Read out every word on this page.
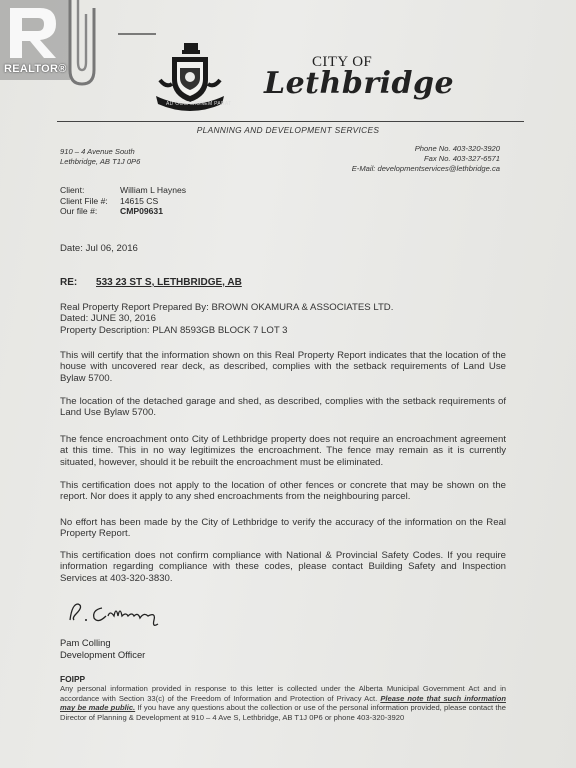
REALTOR®
AD OCCASIONEM PARAT
CITY OF
Lethbridge
PLANNING AND DEVELOPMENT SERVICES
910 – 4 Avenue South
Lethbridge, AB T1J 0P6
Phone No. 403-320-3920
Fax No. 403-327-6571
E-Mail: developmentservices@lethbridge.ca
Client:	William L Haynes
Client File #:	14615 CS
Our file #:	CMP09631
Date: Jul 06, 2016
RE: 533 23 ST S, LETHBRIDGE, AB
Real Property Report Prepared By: BROWN OKAMURA & ASSOCIATES LTD.
Dated: JUNE 30, 2016
Property Description: PLAN 8593GB BLOCK 7 LOT 3

This will certify that the information shown on this Real Property Report indicates that the location of the house with uncovered rear deck, as described, complies with the setback requirements of Land Use Bylaw 5700.

The location of the detached garage and shed, as described, complies with the setback requirements of Land Use Bylaw 5700.

The fence encroachment onto City of Lethbridge property does not require an encroachment agreement at this time. This in no way legitimizes the encroachment. The fence may remain as it is currently situated, however, should it be rebuilt the encroachment must be eliminated.

This certification does not apply to the location of other fences or concrete that may be shown on the report. Nor does it apply to any shed encroachments from the neighbouring parcel.

No effort has been made by the City of Lethbridge to verify the accuracy of the information on the Real Property Report.

This certification does not confirm compliance with National & Provincial Safety Codes. If you require information regarding compliance with these codes, please contact Building Safety and Inspection Services at 403-320-3830.

Pam Colling
Development Officer
FOIPP

Any personal information provided in response to this letter is collected under the Alberta Municipal Government Act and in accordance with Section 33(c) of the Freedom of Information and Protection of Privacy Act. Please note that such information may be made public. If you have any questions about the collection or use of the personal information provided, please contact the Director of Planning & Development at 910 – 4 Ave S, Lethbridge, AB T1J 0P6 or phone 403-320-3920
